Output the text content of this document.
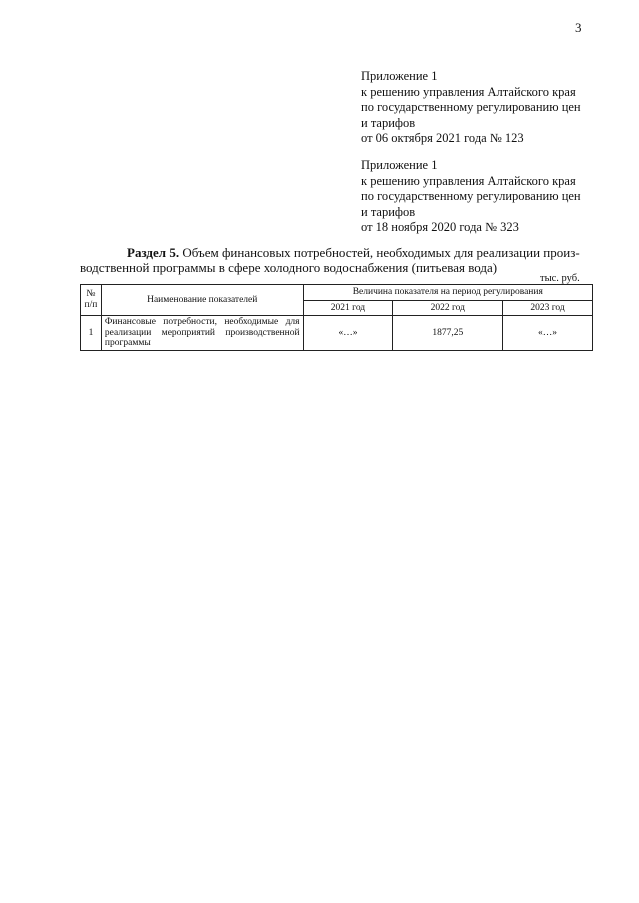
3
Приложение 1
к решению управления Алтайского края
по государственному регулированию цен
и тарифов
от 06 октября 2021 года № 123
Приложение 1
к решению управления Алтайского края
по государственному регулированию цен
и тарифов
от 18 ноября 2020 года № 323
Раздел 5. Объем финансовых потребностей, необходимых для реализации произ-
водственной программы в сфере холодного водоснабжения (питьевая вода)
тыс. руб.
№ п/п	Наименование показателей	Величина показателя на период регулирования		
		2021 год	2022 год	2023 год
1	Финансовые потребности, необходимые для реализации мероприятий производственной программы	«…»	1877,25	«…»
